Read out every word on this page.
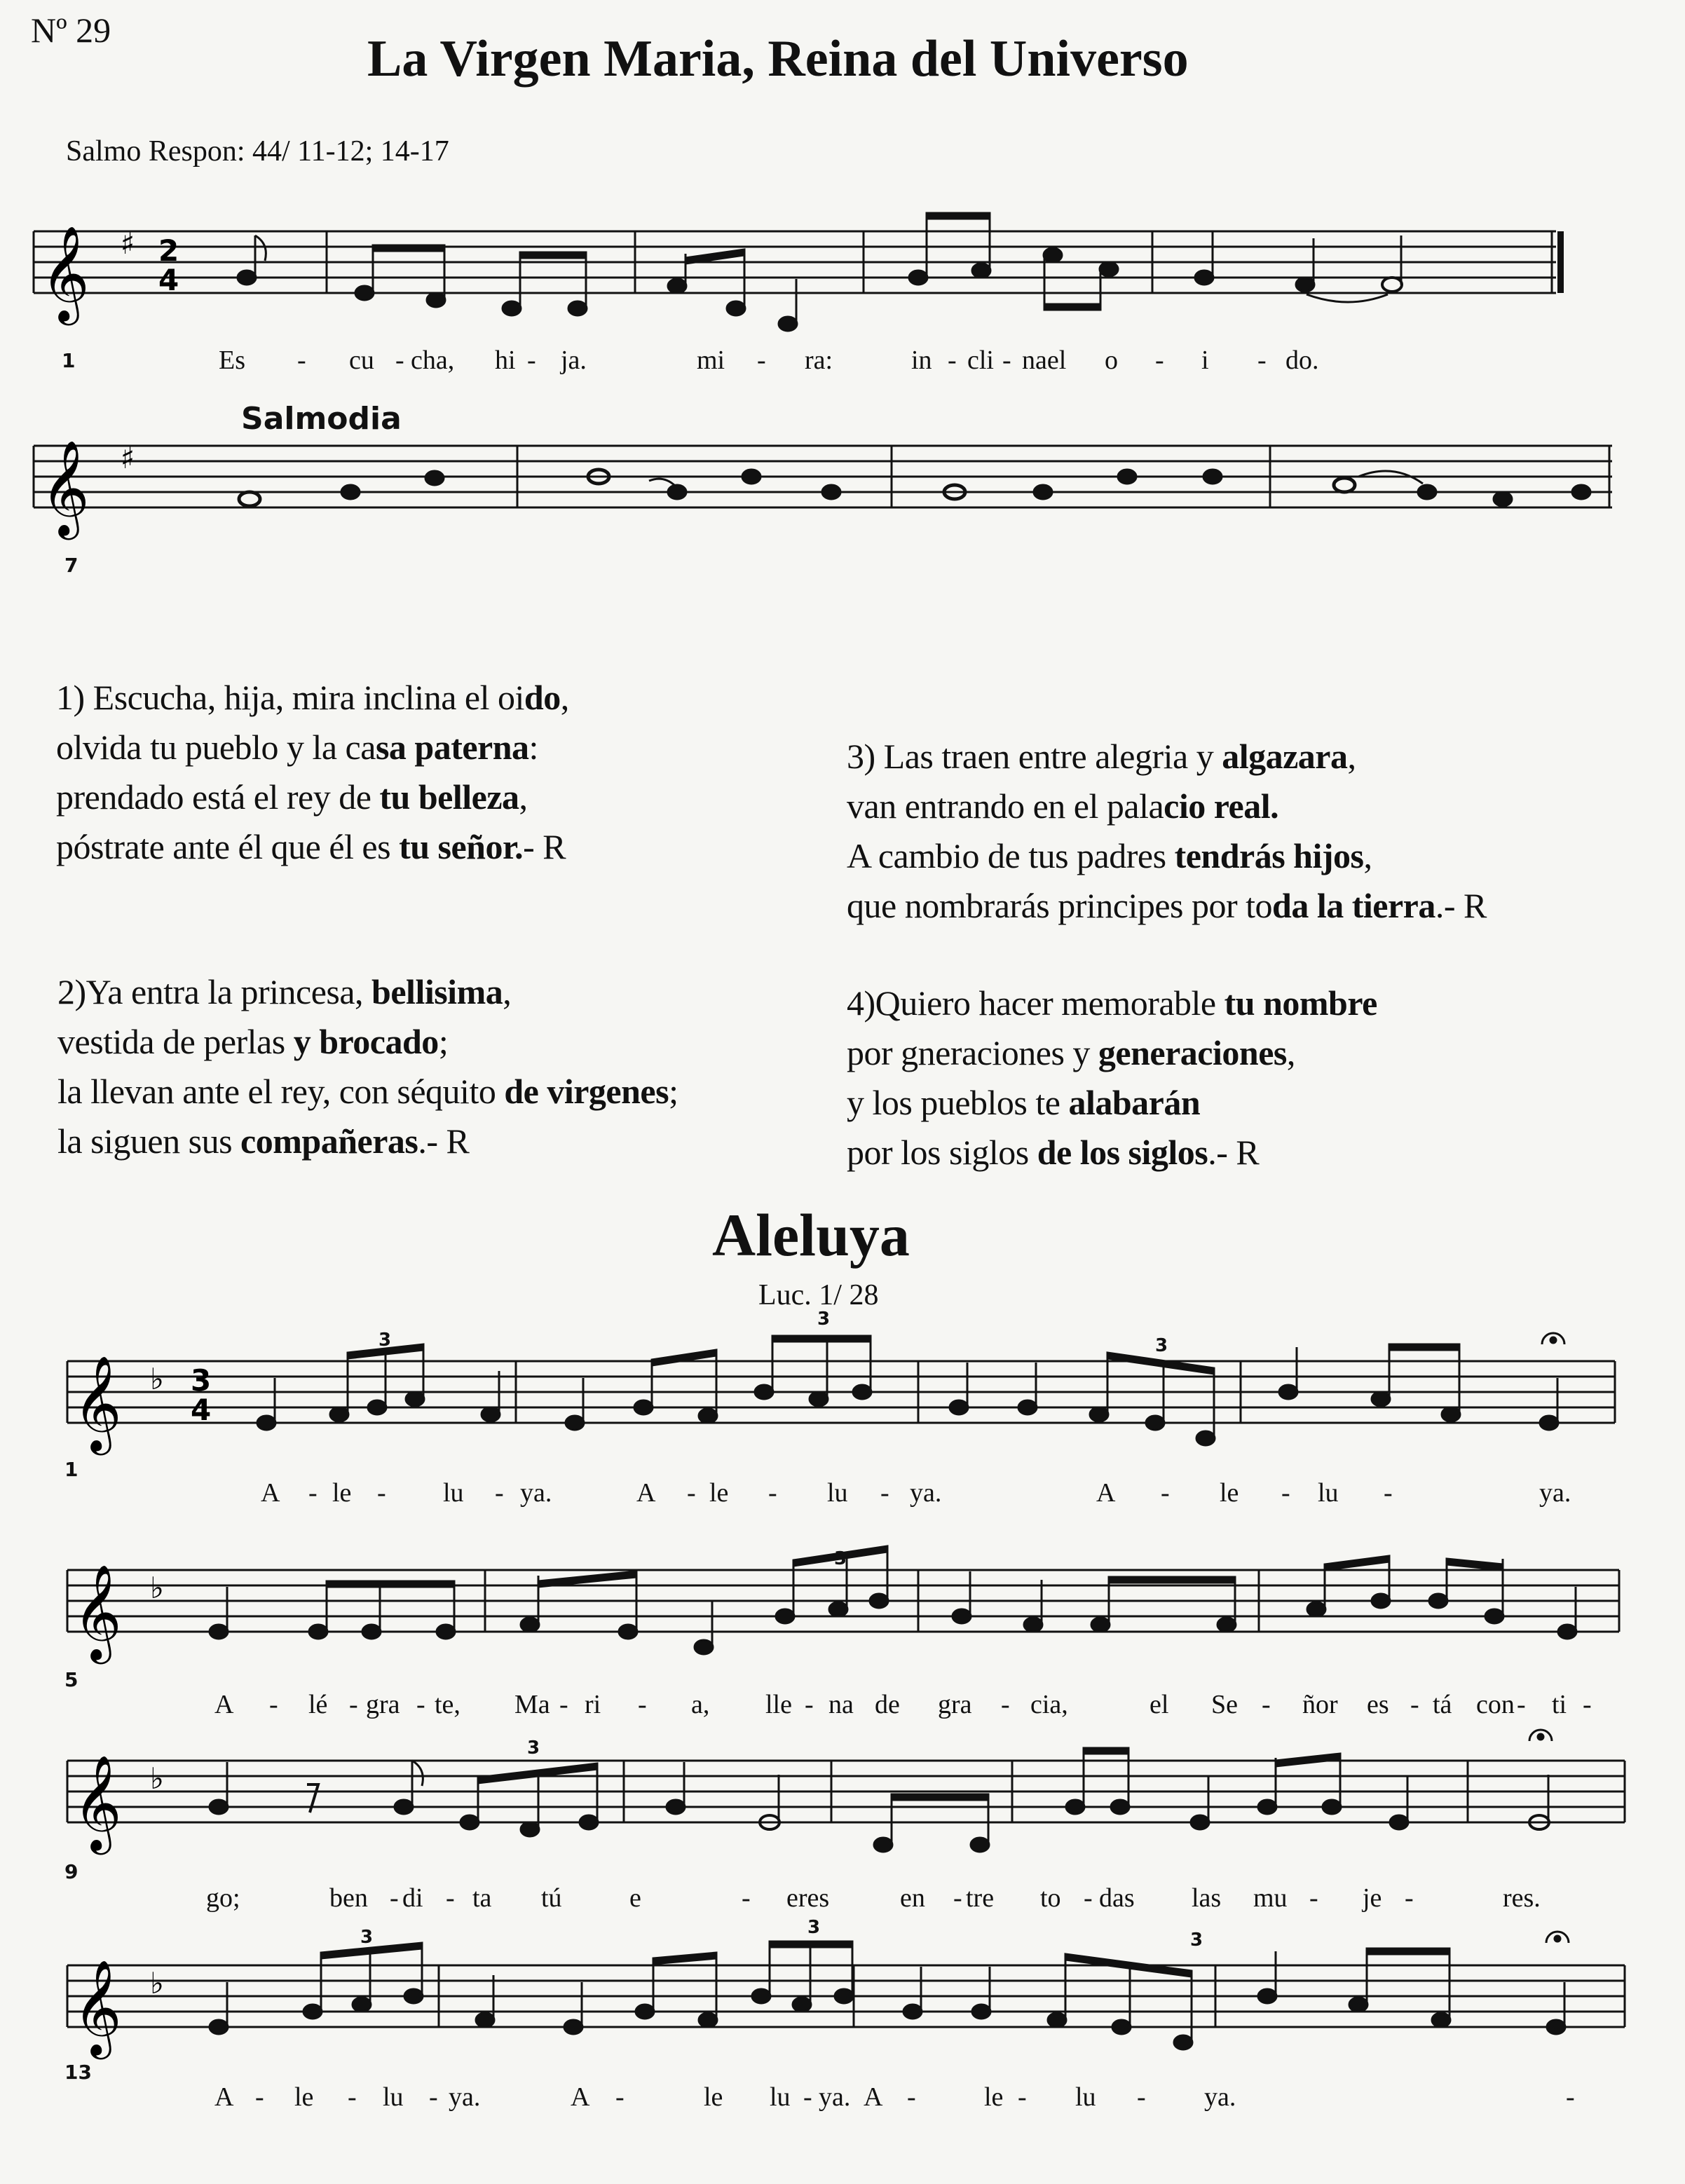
Nº 29	La Virgen Maria, Reina del Universo
Salmo Respon: 44/ 11-12; 14-17
𝄞 ♯ 2
4
1	Es - cu - cha, hi - ja.	mi - ra:	in - cli - nael o - i - do.
Salmodia
𝄞 ♯
7
1) Escucha, hija, mira inclina el oido,
olvida tu pueblo y la casa paterna:
prendado está el rey de tu belleza,
póstrate ante él que él es tu señor.- R
2)Ya entra la princesa, bellisima,
vestida de perlas y brocado;
la llevan ante el rey, con séquito de virgenes;
la siguen sus compañeras.- R
3) Las traen entre alegria y algazara,
van entrando en el palacio real.
A cambio de tus padres tendrás hijos,
que nombrarás principes por toda la tierra.- R
4)Quiero hacer memorable tu nombre
por gneraciones y generaciones,
y los pueblos te alabarán
por los siglos de los siglos.- R
Aleluya
Luc. 1/ 28
𝄞 ♭ 3
4
𝄞 ♭
𝄞 ♭
𝄞 ♭
3
3
3
3
3
3	3
3
1
5
9
13
A - le - lu - ya.	A - le - lu - ya.	A - le - lu -	ya.
A - lé - gra - te, Ma - ri - a, lle - na de gra - cia,	el Se - ñor es - tá con - ti -
go;	ben - di - ta tú	e	- eres	en - tre to - das las mu - je -	res.
A - le - lu - ya.	A -	le lu - ya. A -	le - lu - ya.	-
